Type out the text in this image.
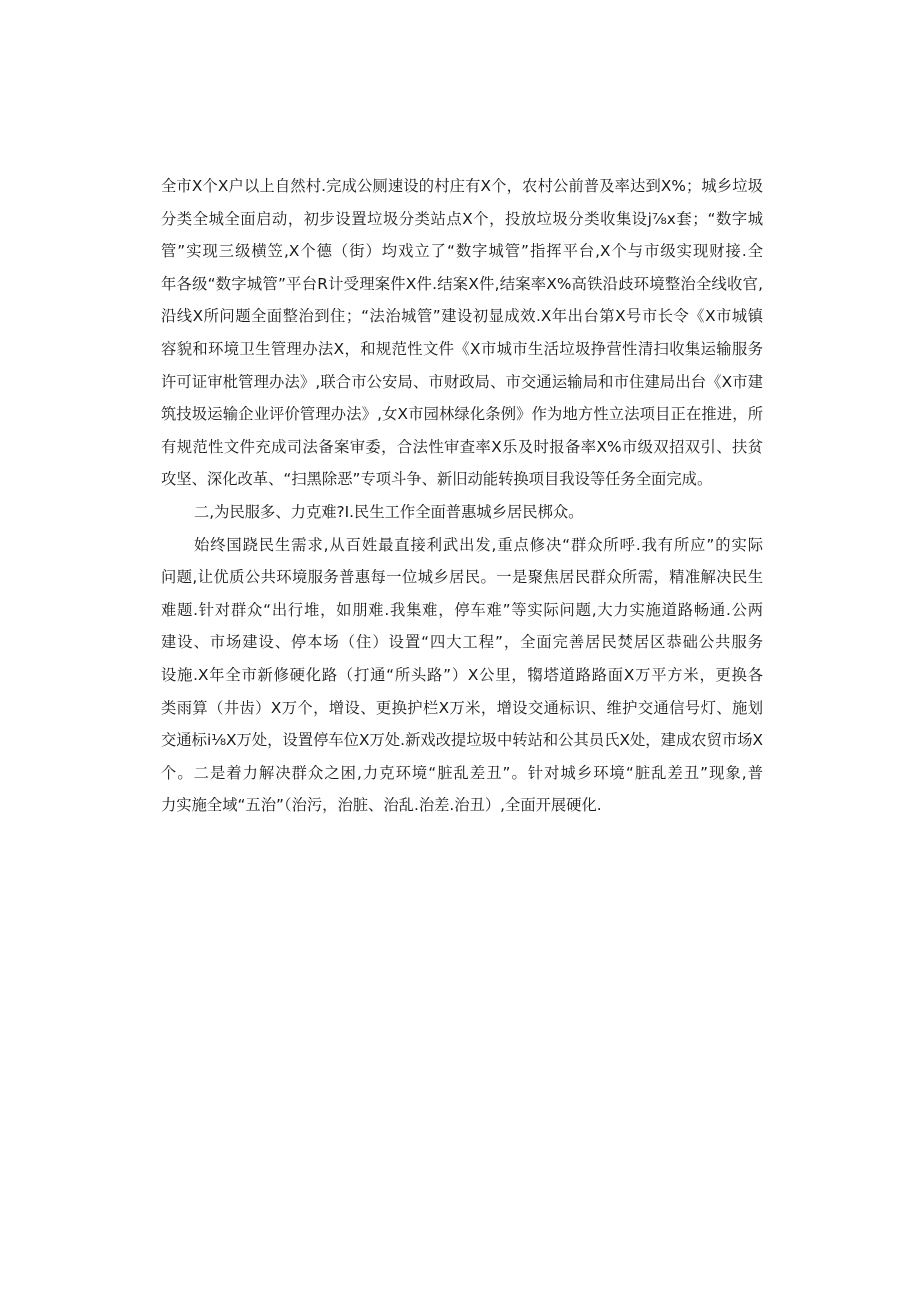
全市X个X户以上自然村.完成公厕速设的村庄有X个，农村公前普及率达到X%；城乡垃圾
分类全城全面启动，初步设置垃圾分类站点X个，投放垃圾分类收集设j⅞x套；“数字城
管”实现三级横笠,X个德（街）均戏立了“数字城管”指挥平台,X个与市级实现财接.全
年各级“数字城管”平台R计受理案件X件.结案X件,结案率X%高铁沿歧环境整治全线收官,
沿线X所问题全面整治到住；“法治城管”建设初显成效.X年出台第X号市长令《X市城镇
容貌和环境卫生管理办法X，和规范性文件《X市城市生活垃圾挣营性清扫收集运输服务
许可证审枇管理办法》,联合市公安局、市财政局、市交通运输局和市住建局出台《X市建
筑技圾运输企业评价管理办法》,女X市园林绿化条例》作为地方性立法项目正在推进，所
有规范性文件充成司法备案审委，合法性审查率X乐及时报备率X%市级双招双引、扶贫
攻坚、深化改革、“扫黑除恶”专项斗争、新旧动能转换项目我设等任务全面完成。
二,为民服多、力克难?I.民生工作全面普惠城乡居民梆众。
始终国跷民生需求,从百姓最直接利武出发,重点修决“群众所呼.我有所应”的实际
问题,让优质公共环境服务普惠每一位城乡居民。一是聚焦居民群众所需，精准解决民生
难题.针对群众“出行堆，如朋难.我集难，停车难”等实际问题,大力实施道路畅通.公两
建设、市场建设、停本场（住）设置“四大工程”，全面完善居民焚居区恭础公共服务
设施.X年全市新修硬化路（打通“所头路”）X公里，犓塔道路路面X万平方米，更换各
类雨算（井齿）X万个，增设、更换护栏X万米，增设交通标识、维护交通信号灯、施划
交通标i⅛X万处，设置停车位X万处.新戏改提垃圾中转站和公其员氏X处，建成农贸市场X
个。二是着力解决群众之困,力克环境“脏乱差丑”。针对城乡环境“脏乱差丑”现象,普
力实施全域“五治”（治污，治脏、治乱.治差.治丑）,全面开展硬化.
